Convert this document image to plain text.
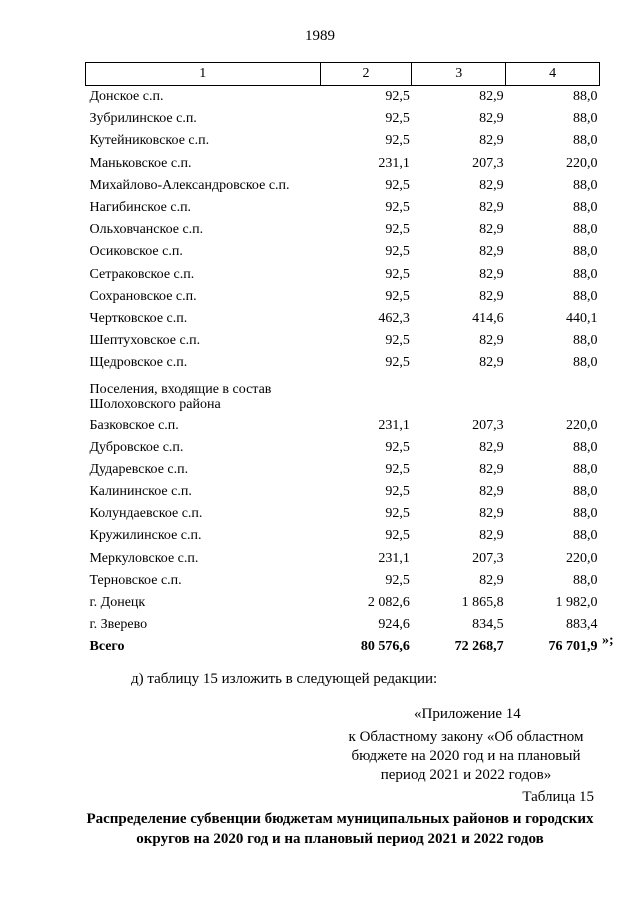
1989
1	2	3	4
Донское с.п.	92,5	82,9	88,0
Зубрилинское с.п.	92,5	82,9	88,0
Кутейниковское с.п.	92,5	82,9	88,0
Маньковское с.п.	231,1	207,3	220,0
Михайлово-Александровское с.п.	92,5	82,9	88,0
Нагибинское с.п.	92,5	82,9	88,0
Ольховчанское с.п.	92,5	82,9	88,0
Осиковское с.п.	92,5	82,9	88,0
Сетраковское с.п.	92,5	82,9	88,0
Сохрановское с.п.	92,5	82,9	88,0
Чертковское с.п.	462,3	414,6	440,1
Шептуховское с.п.	92,5	82,9	88,0
Щедровское с.п.	92,5	82,9	88,0
Поселения, входящие в состав
Шолоховского района			
Базковское с.п.	231,1	207,3	220,0
Дубровское с.п.	92,5	82,9	88,0
Дударевское с.п.	92,5	82,9	88,0
Калининское с.п.	92,5	82,9	88,0
Колундаевское с.п.	92,5	82,9	88,0
Кружилинское с.п.	92,5	82,9	88,0
Меркуловское с.п.	231,1	207,3	220,0
Терновское с.п.	92,5	82,9	88,0
г. Донецк	2 082,6	1 865,8	1 982,0
г. Зверево	924,6	834,5	883,4
Всего	80 576,6	72 268,7	76 701,9 »;
д) таблицу 15 изложить в следующей редакции:
«Приложение 14
к Областному закону «Об областном бюджете на 2020 год и на плановый период 2021 и 2022 годов»
Таблица 15
Распределение субвенции бюджетам муниципальных районов и городских округов на 2020 год и на плановый период 2021 и 2022 годов
